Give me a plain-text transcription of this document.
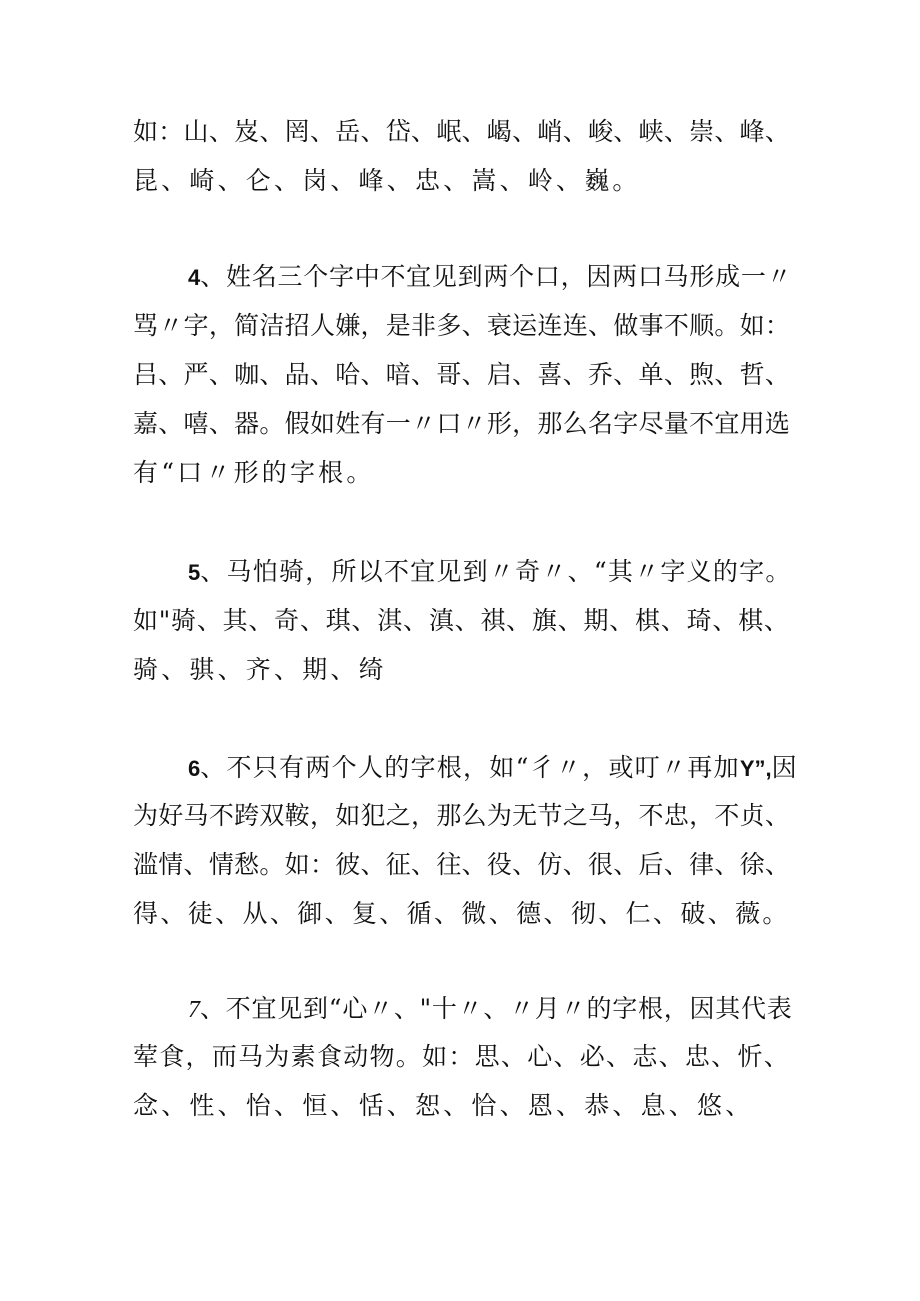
如：山、岌、罔、岳、岱、岷、嵑、峭、峻、峡、崇、峰、
昆、崎、仑、岗、峰、忠、嵩、岭、巍。
4、姓名三个字中不宜见到两个口，因两口马形成一〃
骂〃字，简洁招人嫌，是非多、衰运连连、做事不顺。如：
吕、严、咖、品、哈、喑、哥、启、喜、乔、单、煦、哲、
嘉、嘻、器。假如姓有一〃口〃形，那么名字尽量不宜用选
有“口〃形的字根。
5、马怕骑，所以不宜见到〃奇〃、“其〃字义的字。
如"骑、其、奇、琪、淇、滇、祺、旗、期、棋、琦、棋、
骑、骐、齐、期、绮
6、不只有两个人的字根，如“彳〃，或叮〃再加Y”,因
为好马不跨双鞍，如犯之，那么为无节之马，不忠，不贞、
滥情、情愁。如：彼、征、往、役、仿、很、后、律、徐、
得、徒、从、御、复、循、微、德、彻、仁、破、薇。
7、不宜见到“心〃、"十〃、〃月〃的字根，因其代表
荤食，而马为素食动物。如：思、心、必、志、忠、忻、
念、性、怡、恒、恬、恕、恰、恩、恭、息、悠、
